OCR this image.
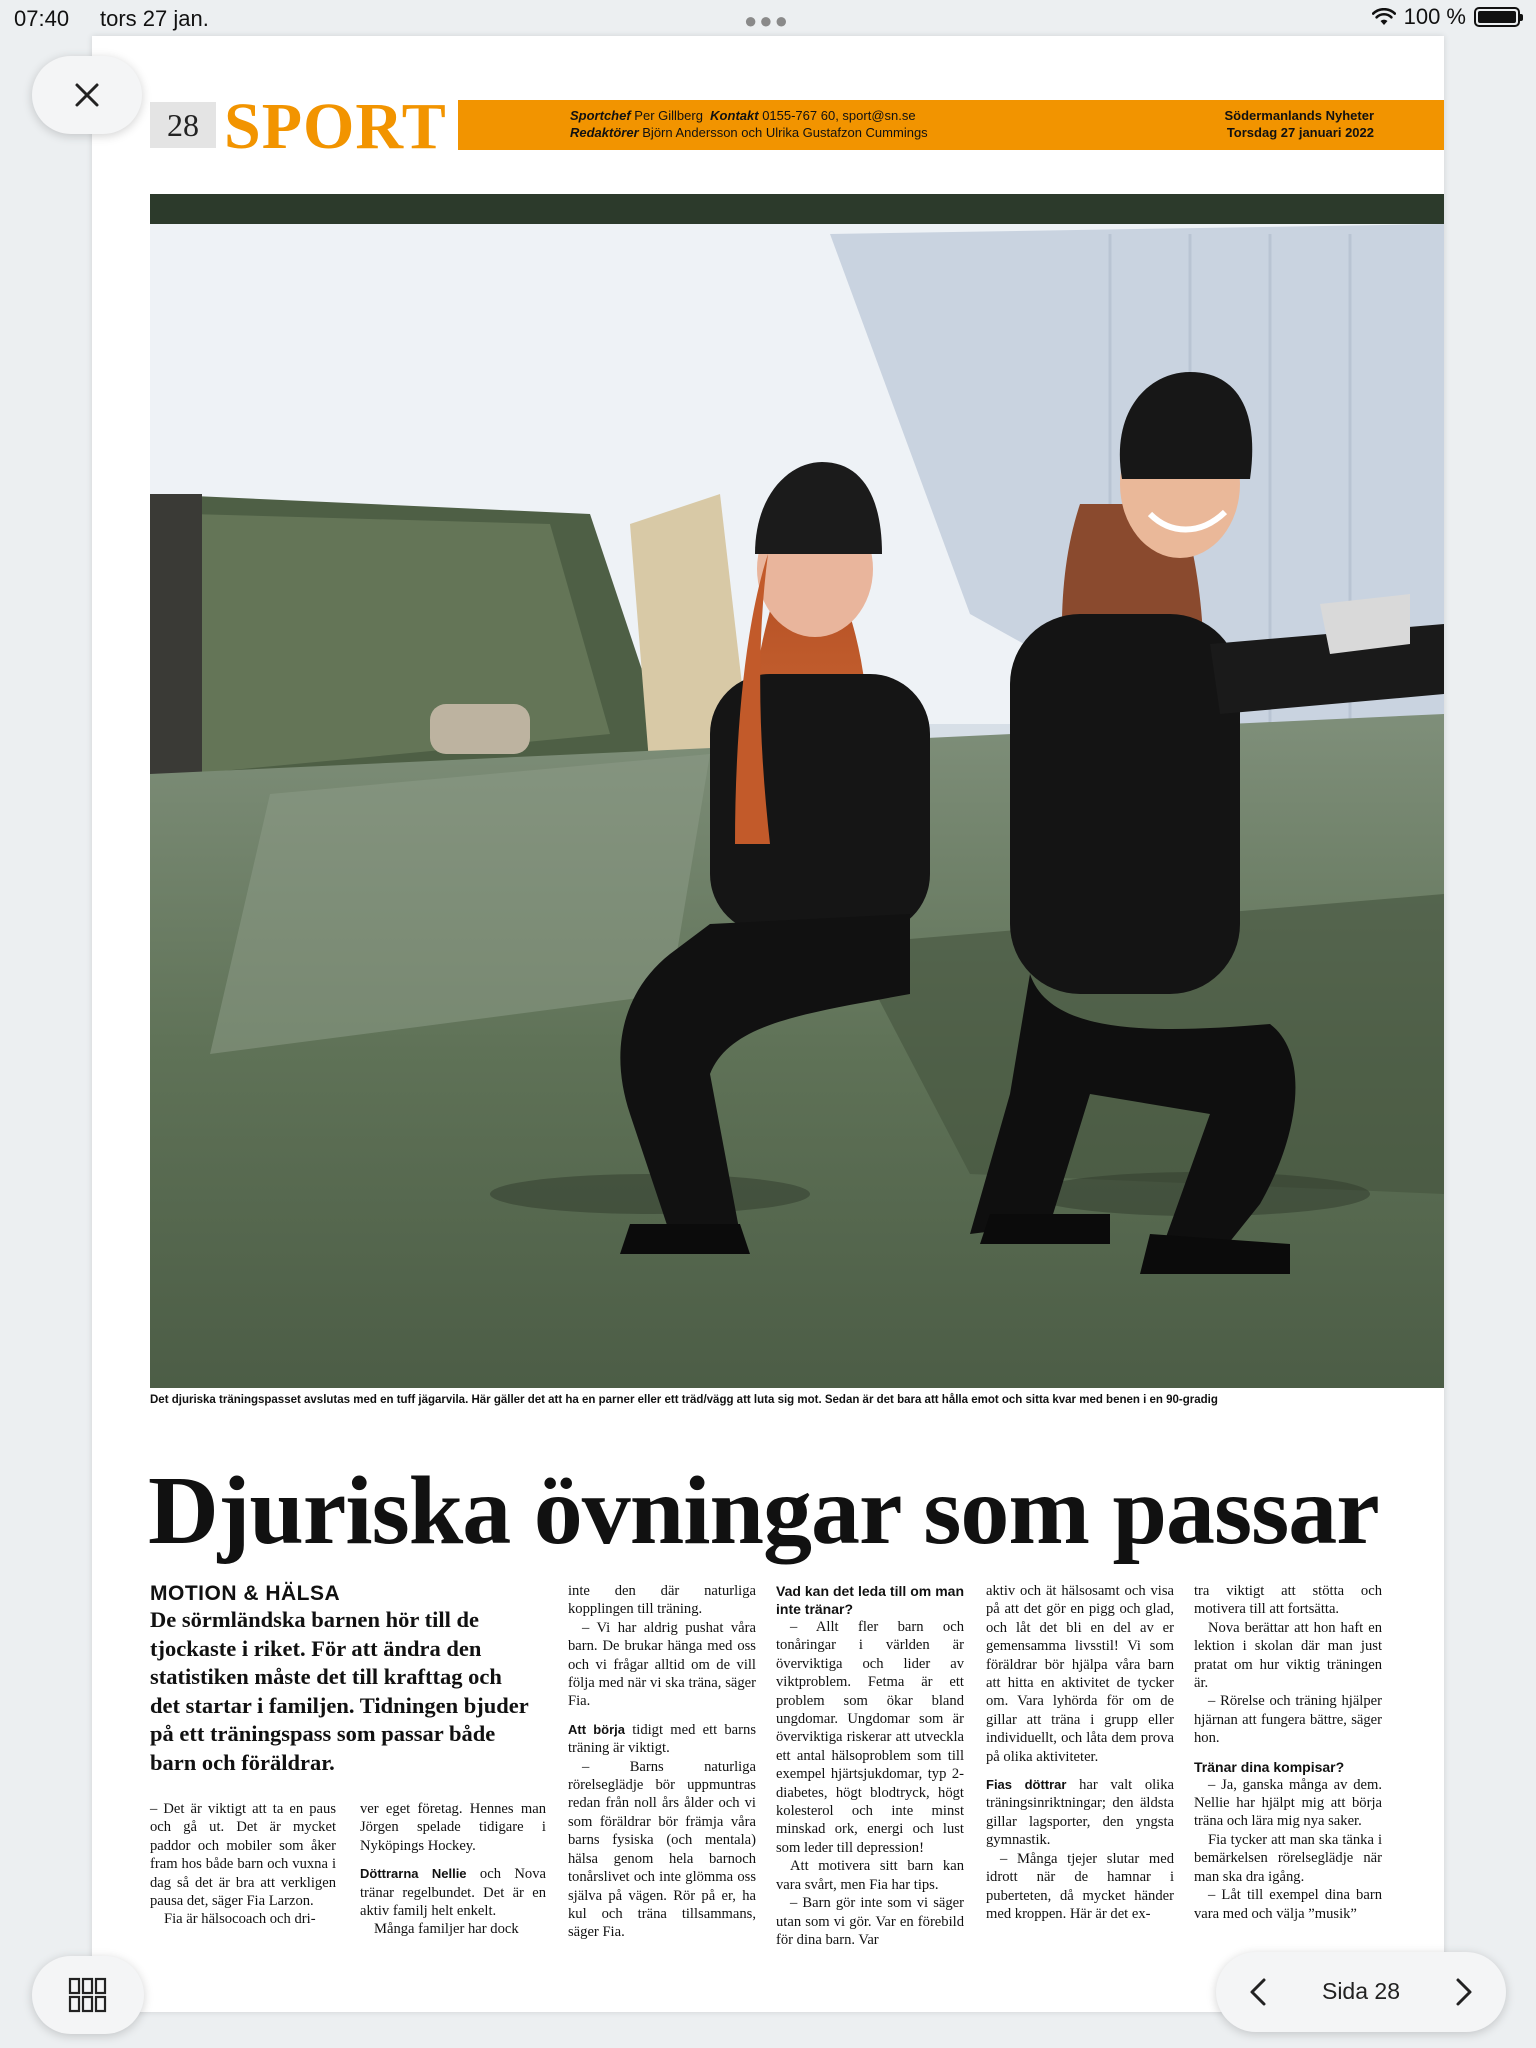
07:40 tors 27 jan.	●●●	100 %
28 SPORT	Sportchef Per Gillberg Kontakt 0155-767 60, sport@sn.se
Redaktörer Björn Andersson och Ulrika Gustafzon Cummings
Södermanlands Nyheter
Torsdag 27 januari 2022
Det djuriska träningspasset avslutas med en tuff jägarvila. Här gäller det att ha en parner eller ett träd/vägg att luta sig mot. Sedan är det bara att hålla emot och sitta kvar med benen i en 90-gradig
Djuriska övningar som passar
MOTION & HÄLSA
De sörmländska barnen hör till de tjockaste i riket. För att ändra den statistiken måste det till krafttag och det startar i familjen. Tidningen bjuder på ett träningspass som passar både barn och föräldrar.

– Det är viktigt att ta en paus och gå ut. Det är mycket paddor och mobiler som åker fram hos både barn och vuxna i dag så det är bra att verkligen pausa det, säger Fia Larzon.

Fia är hälsocoach och dri-

ver eget företag. Hennes man Jörgen spelade tidigare i Nyköpings Hockey.

Döttrarna Nellie och Nova tränar regelbundet. Det är en aktiv familj helt enkelt.

Många familjer har dock

inte den där naturliga kopplingen till träning.

– Vi har aldrig pushat våra barn. De brukar hänga med oss och vi frågar alltid om de vill följa med när vi ska träna, säger Fia.

Att börja tidigt med ett barns träning är viktigt.

– Barns naturliga rörelseglädje bör uppmuntras redan från noll års ålder och vi som föräldrar bör främja våra barns fysiska (och mentala) hälsa genom hela barnoch tonårslivet och inte glömma oss själva på vägen. Rör på er, ha kul och träna tillsammans, säger Fia.

Vad kan det leda till om man inte tränar?

– Allt fler barn och tonåringar i världen är överviktiga och lider av viktproblem. Fetma är ett problem som ökar bland ungdomar. Ungdomar som är överviktiga riskerar att utveckla ett antal hälsoproblem som till exempel hjärtsjukdomar, typ 2-diabetes, högt blodtryck, högt kolesterol och inte minst minskad ork, energi och lust som leder till depression!

Att motivera sitt barn kan vara svårt, men Fia har tips.

– Barn gör inte som vi säger utan som vi gör. Var en förebild för dina barn. Var

aktiv och ät hälsosamt och visa på att det gör en pigg och glad, och låt det bli en del av er gemensamma livsstil! Vi som föräldrar bör hjälpa våra barn att hitta en aktivitet de tycker om. Vara lyhörda för om de gillar att träna i grupp eller individuellt, och låta dem prova på olika aktiviteter.

Fias döttrar har valt olika träningsinriktningar; den äldsta gillar lagsporter, den yngsta gymnastik.

– Många tjejer slutar med idrott när de hamnar i puberteten, då mycket händer med kroppen. Här är det ex-

tra viktigt att stötta och motivera till att fortsätta.

Nova berättar att hon haft en lektion i skolan där man just pratat om hur viktig träningen är.

– Rörelse och träning hjälper hjärnan att fungera bättre, säger hon.

Tränar dina kompisar?

– Ja, ganska många av dem. Nellie har hjälpt mig att börja träna och lära mig nya saker.

Fia tycker att man ska tänka i bemärkelsen rörelseglädje när man ska dra igång.

– Låt till exempel dina barn vara med och välja ”musik”

Sida 28
